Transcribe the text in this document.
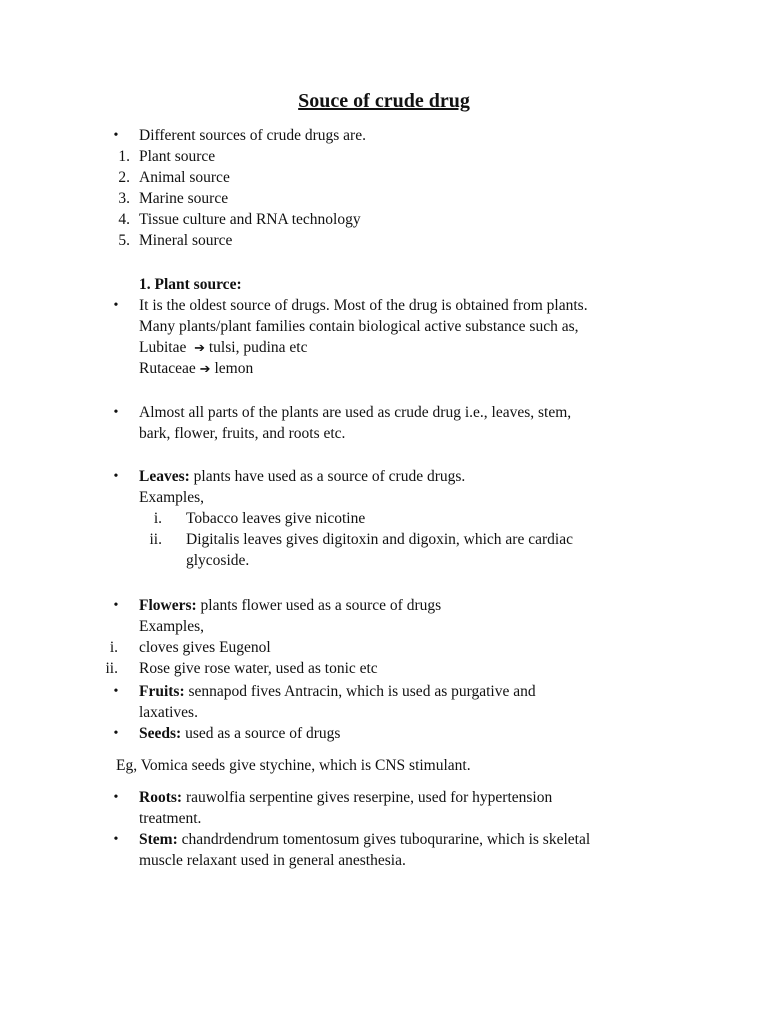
Souce of crude drug
•	Different sources of crude drugs are.
1. Plant source
2. Animal source
3. Marine source
4. Tissue culture and RNA technology
5. Mineral source
1. Plant source:
•	It is the oldest source of drugs. Most of the drug is obtained from plants.
Many plants/plant families contain biological active substance such as,
Lubitae ➔ tulsi, pudina etc
Rutaceae ➔ lemon
•	Almost all parts of the plants are used as crude drug i.e., leaves, stem,
bark, flower, fruits, and roots etc.
•	Leaves: plants have used as a source of crude drugs.
Examples,
i. Tobacco leaves give nicotine
ii. Digitalis leaves gives digitoxin and digoxin, which are cardiac
glycoside.
•	Flowers: plants flower used as a source of drugs
Examples,
i. cloves gives Eugenol
ii. Rose give rose water, used as tonic etc
•	Fruits: sennapod fives Antracin, which is used as purgative and
laxatives.
•	Seeds: used as a source of drugs
Eg, Vomica seeds give stychine, which is CNS stimulant.
•	Roots: rauwolfia serpentine gives reserpine, used for hypertension
treatment.
•	Stem: chandrdendrum tomentosum gives tuboqurarine, which is skeletal
muscle relaxant used in general anesthesia.
